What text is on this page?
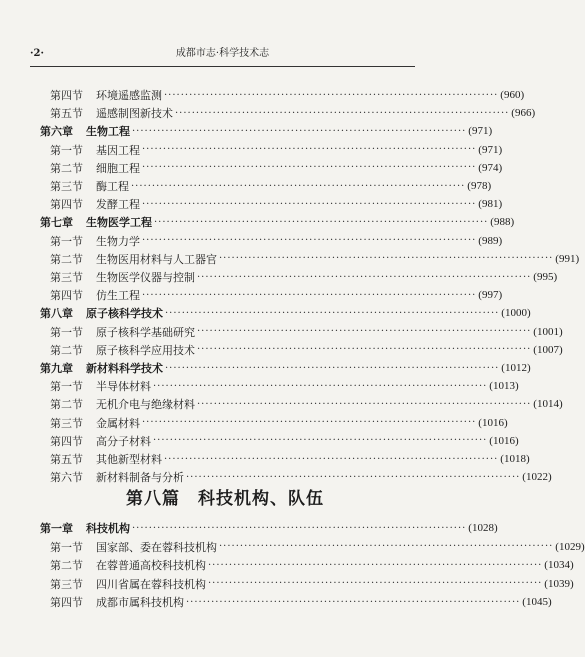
·2·	成都市志·科学技术志
第四节	环境遥感监测 ················································································ (960)
第五节	遥感制图新技术 ················································································ (966)
第六章	生物工程 ················································································ (971)
第一节	基因工程 ················································································ (971)
第二节	细胞工程 ················································································ (974)
第三节	酶工程 ················································································ (978)
第四节	发酵工程 ················································································ (981)
第七章	生物医学工程 ················································································ (988)
第一节	生物力学 ················································································ (989)
第二节	生物医用材料与人工器官 ················································································ (991)
第三节	生物医学仪器与控制 ················································································ (995)
第四节	仿生工程 ················································································ (997)
第八章	原子核科学技术 ················································································ (1000)
第一节	原子核科学基础研究 ················································································ (1001)
第二节	原子核科学应用技术 ················································································ (1007)
第九章	新材料科学技术 ················································································ (1012)
第一节	半导体材料 ················································································ (1013)
第二节	无机介电与绝缘材料 ················································································ (1014)
第三节	金属材料 ················································································ (1016)
第四节	高分子材料 ················································································ (1016)
第五节	其他新型材料 ················································································ (1018)
第六节	新材料制备与分析 ················································································ (1022)
第八篇　科技机构、队伍
第一章	科技机构 ················································································ (1028)
第一节	国家部、委在蓉科技机构 ················································································ (1029)
第二节	在蓉普通高校科技机构 ················································································ (1034)
第三节	四川省属在蓉科技机构 ················································································ (1039)
第四节	成都市属科技机构 ················································································ (1045)
